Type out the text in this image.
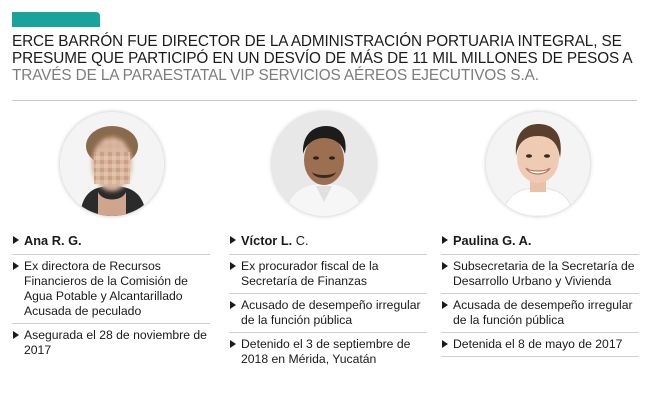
ERCE BARRÓN FUE DIRECTOR DE LA ADMINISTRACIÓN PORTUARIA INTEGRAL, SE
PRESUME QUE PARTICIPÓ EN UN DESVÍO DE MÁS DE 11 MIL MILLONES DE PESOS A
TRAVÉS DE LA PARAESTATAL VIP SERVICIOS AÉREOS EJECUTIVOS S.A.
Ana R. G.
Ex directora de Recursos Financieros de la Comisión de Agua Potable y Alcantarillado Acusada de peculado
Asegurada el 28 de noviembre de 2017
Víctor L. C.
Ex procurador fiscal de la Secretaría de Finanzas
Acusado de desempeño irregular de la función pública
Detenido el 3 de septiembre de 2018 en Mérida, Yucatán
Paulina G. A.
Subsecretaria de la Secretaría de Desarrollo Urbano y Vivienda
Acusada de desempeño irregular de la función pública
Detenida el 8 de mayo de 2017
